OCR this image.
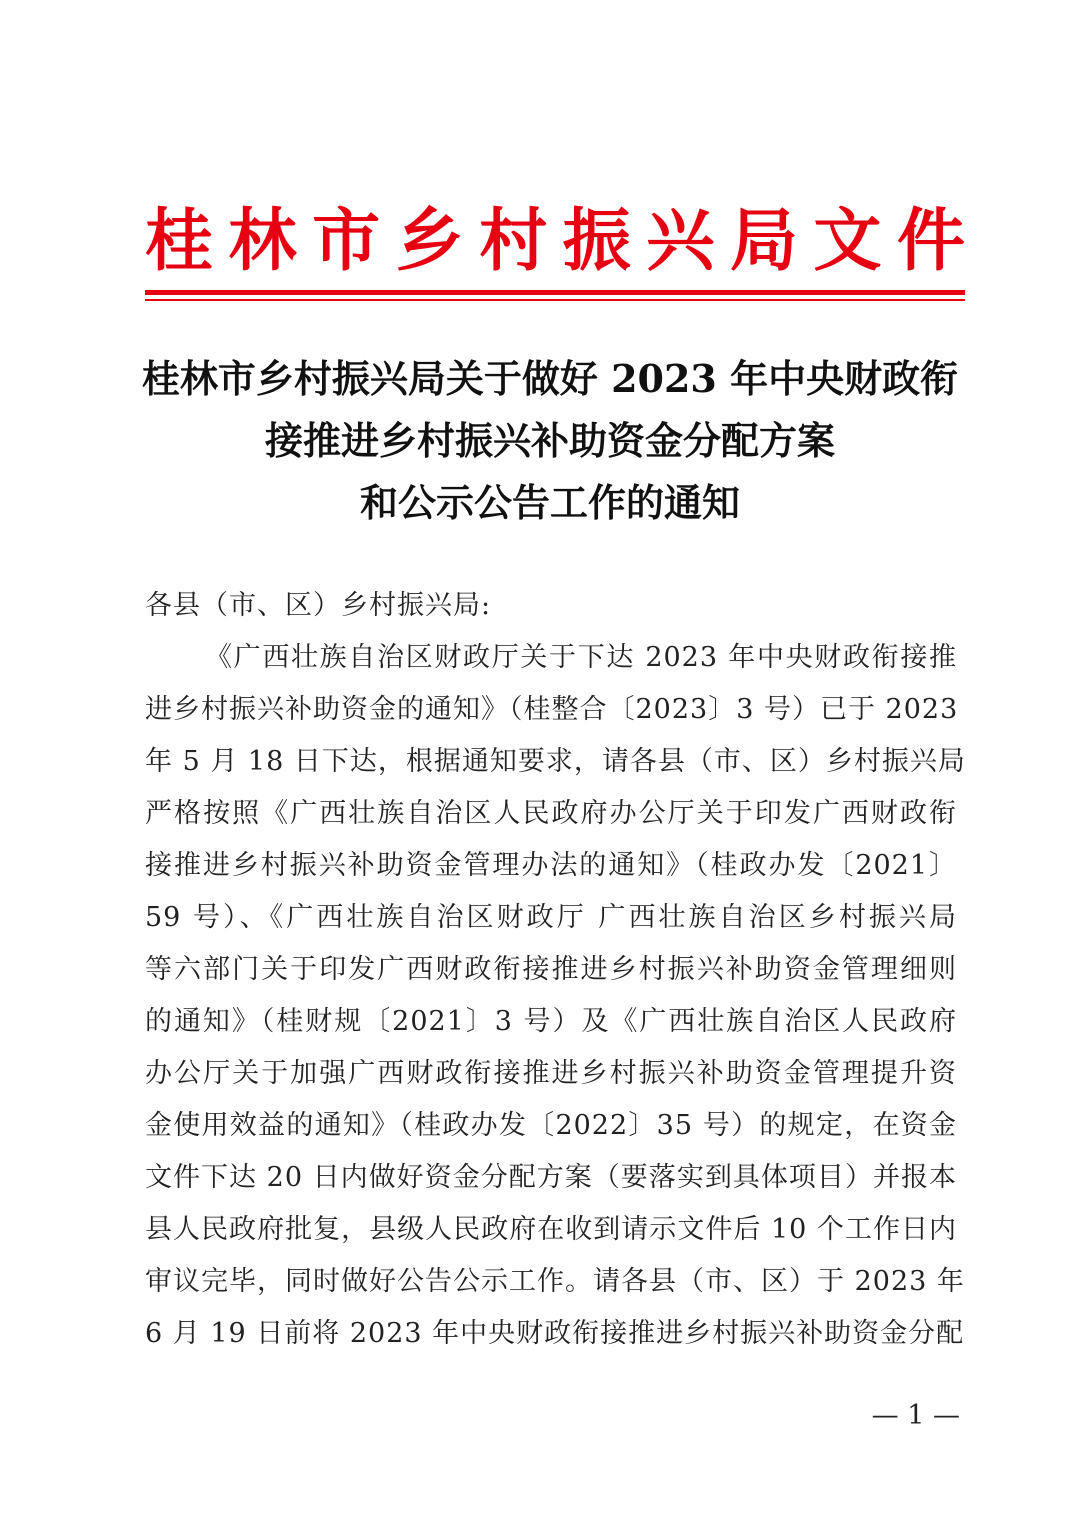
桂林市乡村振兴局文件
桂林市乡村振兴局关于做好 2023 年中央财政衔
接推进乡村振兴补助资金分配方案
和公示公告工作的通知
各县（市、区）乡村振兴局:
《广西壮族自治区财政厅关于下达 2023 年中央财政衔接推
进乡村振兴补助资金的通知》（桂整合〔2023〕3 号）已于 2023
年 5 月 18 日下达，根据通知要求，请各县（市、区）乡村振兴局
严格按照《广西壮族自治区人民政府办公厅关于印发广西财政衔
接推进乡村振兴补助资金管理办法的通知》（桂政办发〔2021〕
59 号）、《广西壮族自治区财政厅 广西壮族自治区乡村振兴局
等六部门关于印发广西财政衔接推进乡村振兴补助资金管理细则
的通知》（桂财规〔2021〕3 号）及《广西壮族自治区人民政府
办公厅关于加强广西财政衔接推进乡村振兴补助资金管理提升资
金使用效益的通知》（桂政办发〔2022〕35 号）的规定，在资金
文件下达 20 日内做好资金分配方案（要落实到具体项目）并报本
县人民政府批复，县级人民政府在收到请示文件后 10 个工作日内
审议完毕，同时做好公告公示工作。请各县（市、区）于 2023 年
6 月 19 日前将 2023 年中央财政衔接推进乡村振兴补助资金分配
— 1 —
